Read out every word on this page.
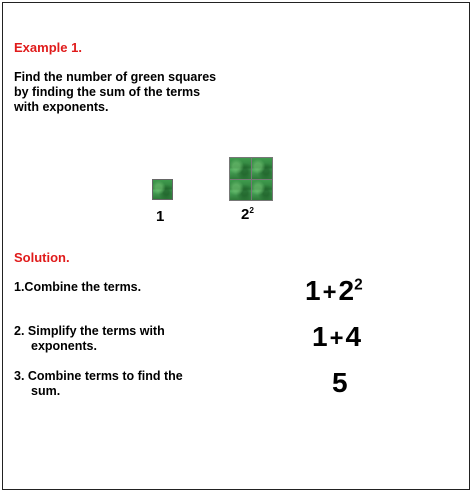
Example 1.
Find the number of green squares
by finding the sum of the terms
with exponents.
1	$2^2$
Solution.
1.Combine the terms.
2. Simplify the terms with
exponents.
3. Combine terms to find the
sum.
$1+2^2$
1+4
5
